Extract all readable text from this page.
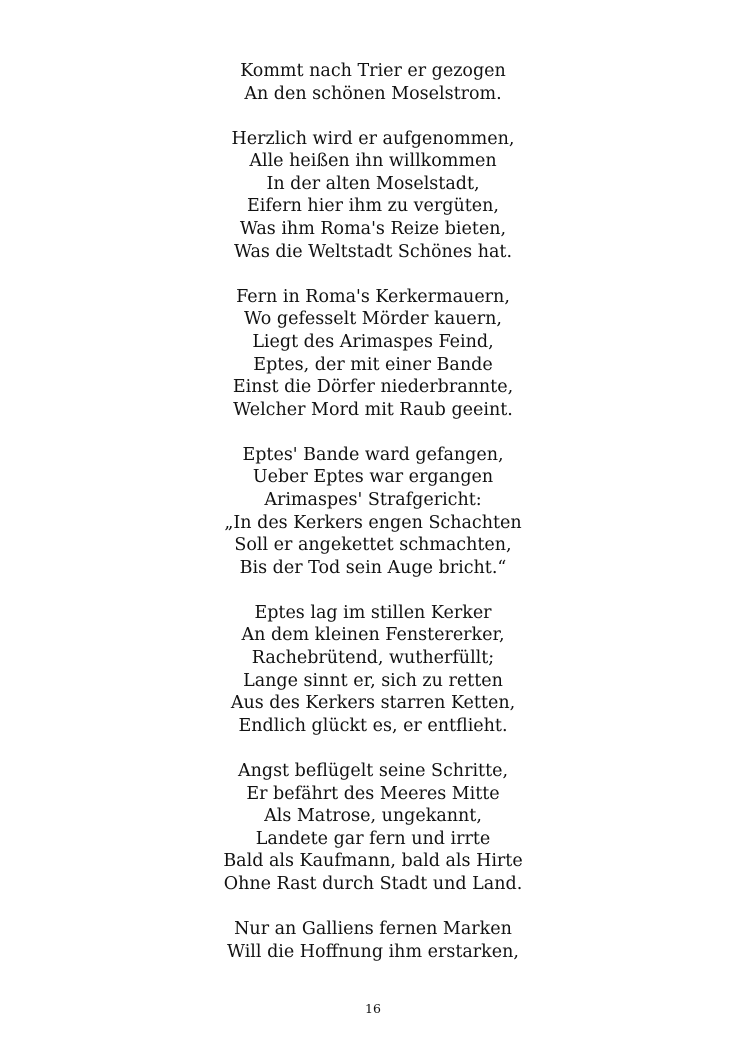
Kommt nach Trier er gezogen
An den schönen Moselstrom.
Herzlich wird er aufgenommen,
Alle heißen ihn willkommen
In der alten Moselstadt,
Eifern hier ihm zu vergüten,
Was ihm Roma's Reize bieten,
Was die Weltstadt Schönes hat.
Fern in Roma's Kerkermauern,
Wo gefesselt Mörder kauern,
Liegt des Arimaspes Feind,
Eptes, der mit einer Bande
Einst die Dörfer niederbrannte,
Welcher Mord mit Raub geeint.
Eptes' Bande ward gefangen,
Ueber Eptes war ergangen
Arimaspes' Strafgericht:
„In des Kerkers engen Schachten
Soll er angekettet schmachten,
Bis der Tod sein Auge bricht.“
Eptes lag im stillen Kerker
An dem kleinen Fenstererker,
Rachebrütend, wutherfüllt;
Lange sinnt er, sich zu retten
Aus des Kerkers starren Ketten,
Endlich glückt es, er entflieht.
Angst beflügelt seine Schritte,
Er befährt des Meeres Mitte
Als Matrose, ungekannt,
Landete gar fern und irrte
Bald als Kaufmann, bald als Hirte
Ohne Rast durch Stadt und Land.
Nur an Galliens fernen Marken
Will die Hoffnung ihm erstarken,
16
